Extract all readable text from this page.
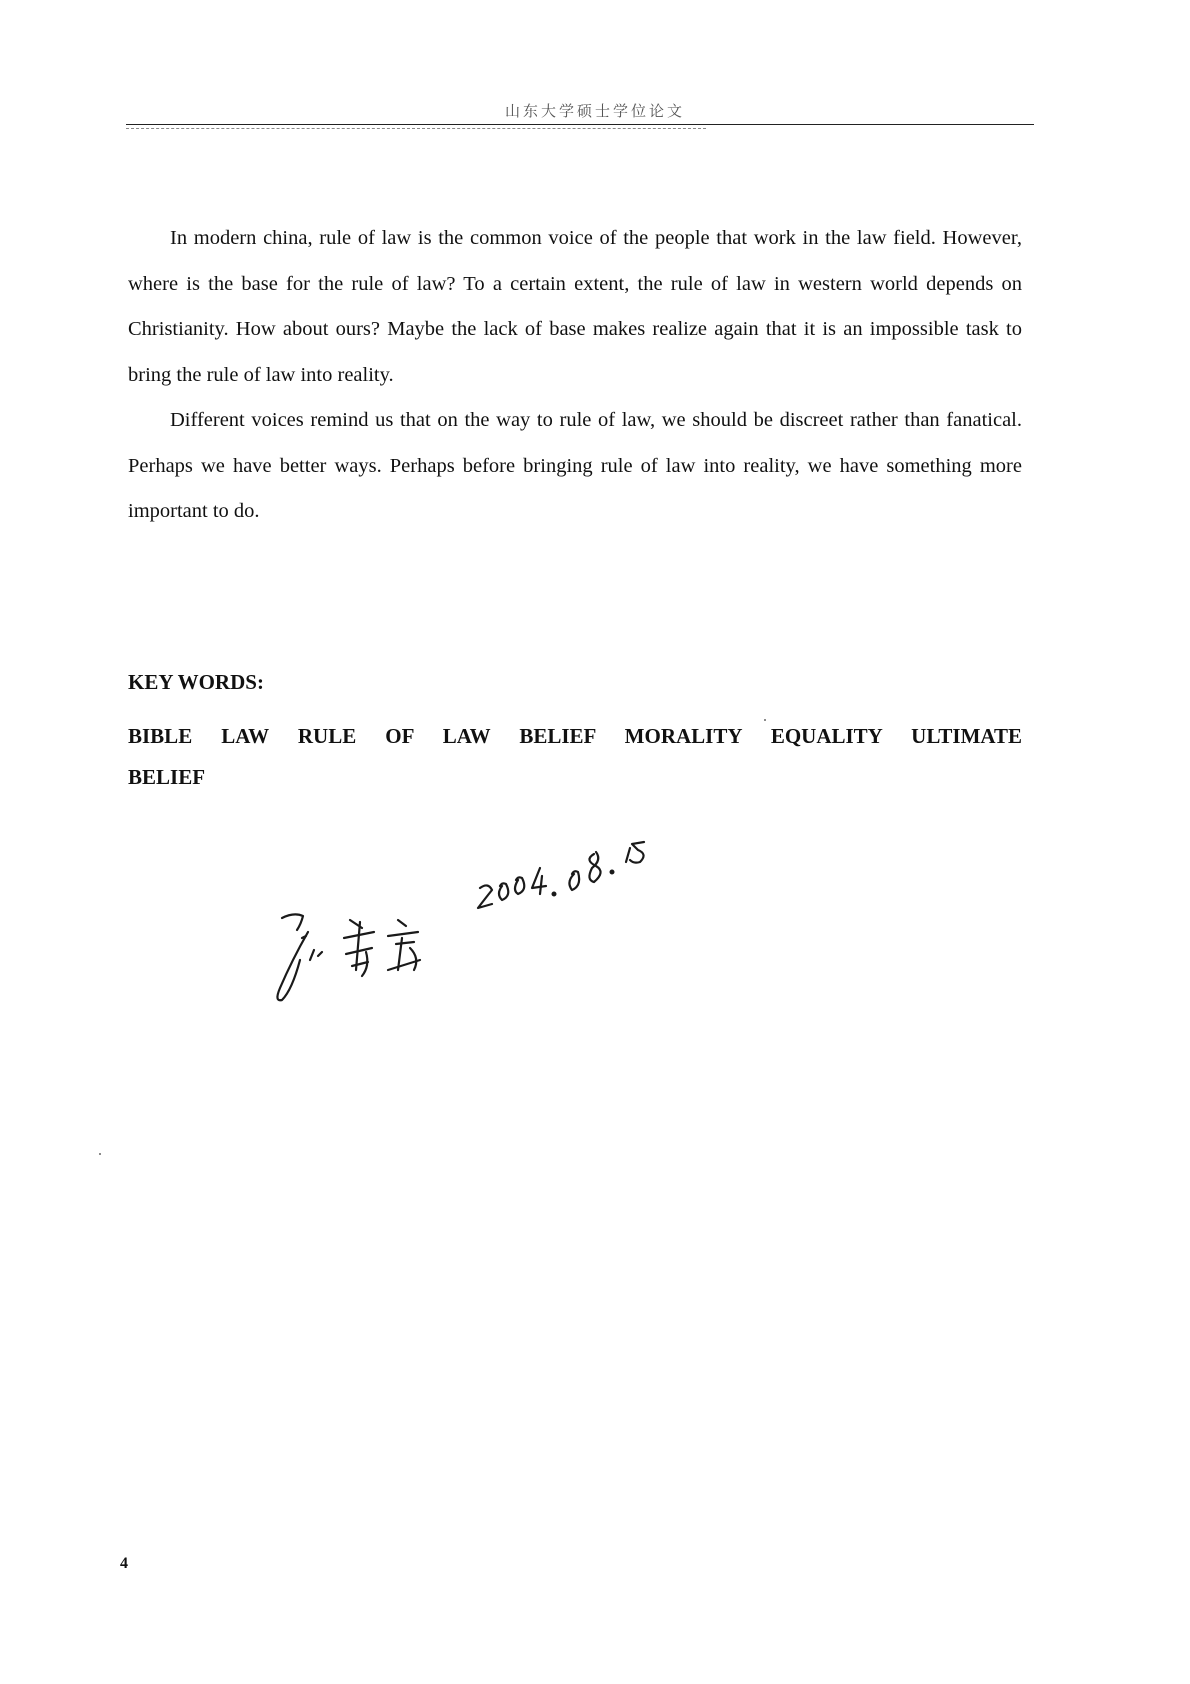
山东大学硕士学位论文

In modern china, rule of law is the common voice of the people that work in the law field. However, where is the base for the rule of law? To a certain extent, the rule of law in western world depends on Christianity. How about ours? Maybe the lack of base makes realize again that it is an impossible task to bring the rule of law into reality.

Different voices remind us that on the way to rule of law, we should be discreet rather than fanatical. Perhaps we have better ways. Perhaps before bringing rule of law into reality, we have something more important to do.

KEY WORDS:
BIBLE LAW RULE OF LAW BELIEF MORALITY EQUALITY ULTIMATE BELIEF
4
